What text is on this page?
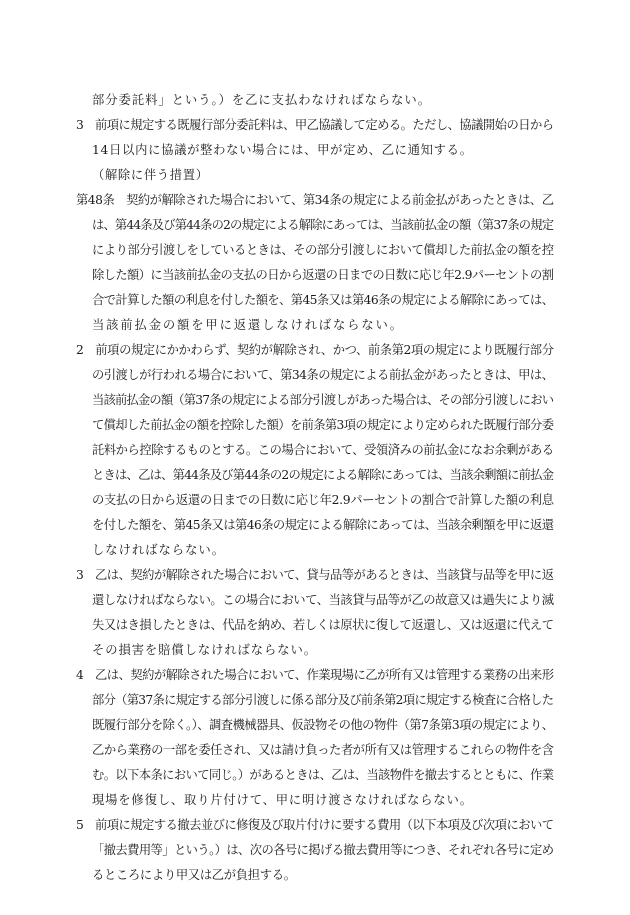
部分委託料」という。）を乙に支払わなければならない。
3　前項に規定する既履行部分委託料は、甲乙協議して定める。ただし、協議開始の日から
14日以内に協議が整わない場合には、甲が定め、乙に通知する。
（解除に伴う措置）
第48条　契約が解除された場合において、第34条の規定による前金払があったときは、乙
は、第44条及び第44条の2の規定による解除にあっては、当該前払金の額（第37条の規定
により部分引渡しをしているときは、その部分引渡しにおいて償却した前払金の額を控
除した額）に当該前払金の支払の日から返還の日までの日数に応じ年2.9パーセントの割
合で計算した額の利息を付した額を、第45条又は第46条の規定による解除にあっては、
当該前払金の額を甲に返還しなければならない。
2　前項の規定にかかわらず、契約が解除され、かつ、前条第2項の規定により既履行部分
の引渡しが行われる場合において、第34条の規定による前払金があったときは、甲は、
当該前払金の額（第37条の規定による部分引渡しがあった場合は、その部分引渡しにおい
て償却した前払金の額を控除した額）を前条第3項の規定により定められた既履行部分委
託料から控除するものとする。この場合において、受領済みの前払金になお余剰がある
ときは、乙は、第44条及び第44条の2の規定による解除にあっては、当該余剰額に前払金
の支払の日から返還の日までの日数に応じ年2.9パーセントの割合で計算した額の利息
を付した額を、第45条又は第46条の規定による解除にあっては、当該余剰額を甲に返還
しなければならない。
3　乙は、契約が解除された場合において、貸与品等があるときは、当該貸与品等を甲に返
還しなければならない。この場合において、当該貸与品等が乙の故意又は過失により滅
失又はき損したときは、代品を納め、若しくは原状に復して返還し、又は返還に代えて
その損害を賠償しなければならない。
4　乙は、契約が解除された場合において、作業現場に乙が所有又は管理する業務の出来形
部分（第37条に規定する部分引渡しに係る部分及び前条第2項に規定する検査に合格した
既履行部分を除く。）、調査機械器具、仮設物その他の物件（第7条第3項の規定により、
乙から業務の一部を委任され、又は請け負った者が所有又は管理するこれらの物件を含
む。以下本条において同じ。）があるときは、乙は、当該物件を撤去するとともに、作業
現場を修復し、取り片付けて、甲に明け渡さなければならない。
5　前項に規定する撤去並びに修復及び取片付けに要する費用（以下本項及び次項において
「撤去費用等」という。）は、次の各号に掲げる撤去費用等につき、それぞれ各号に定め
るところにより甲又は乙が負担する。
